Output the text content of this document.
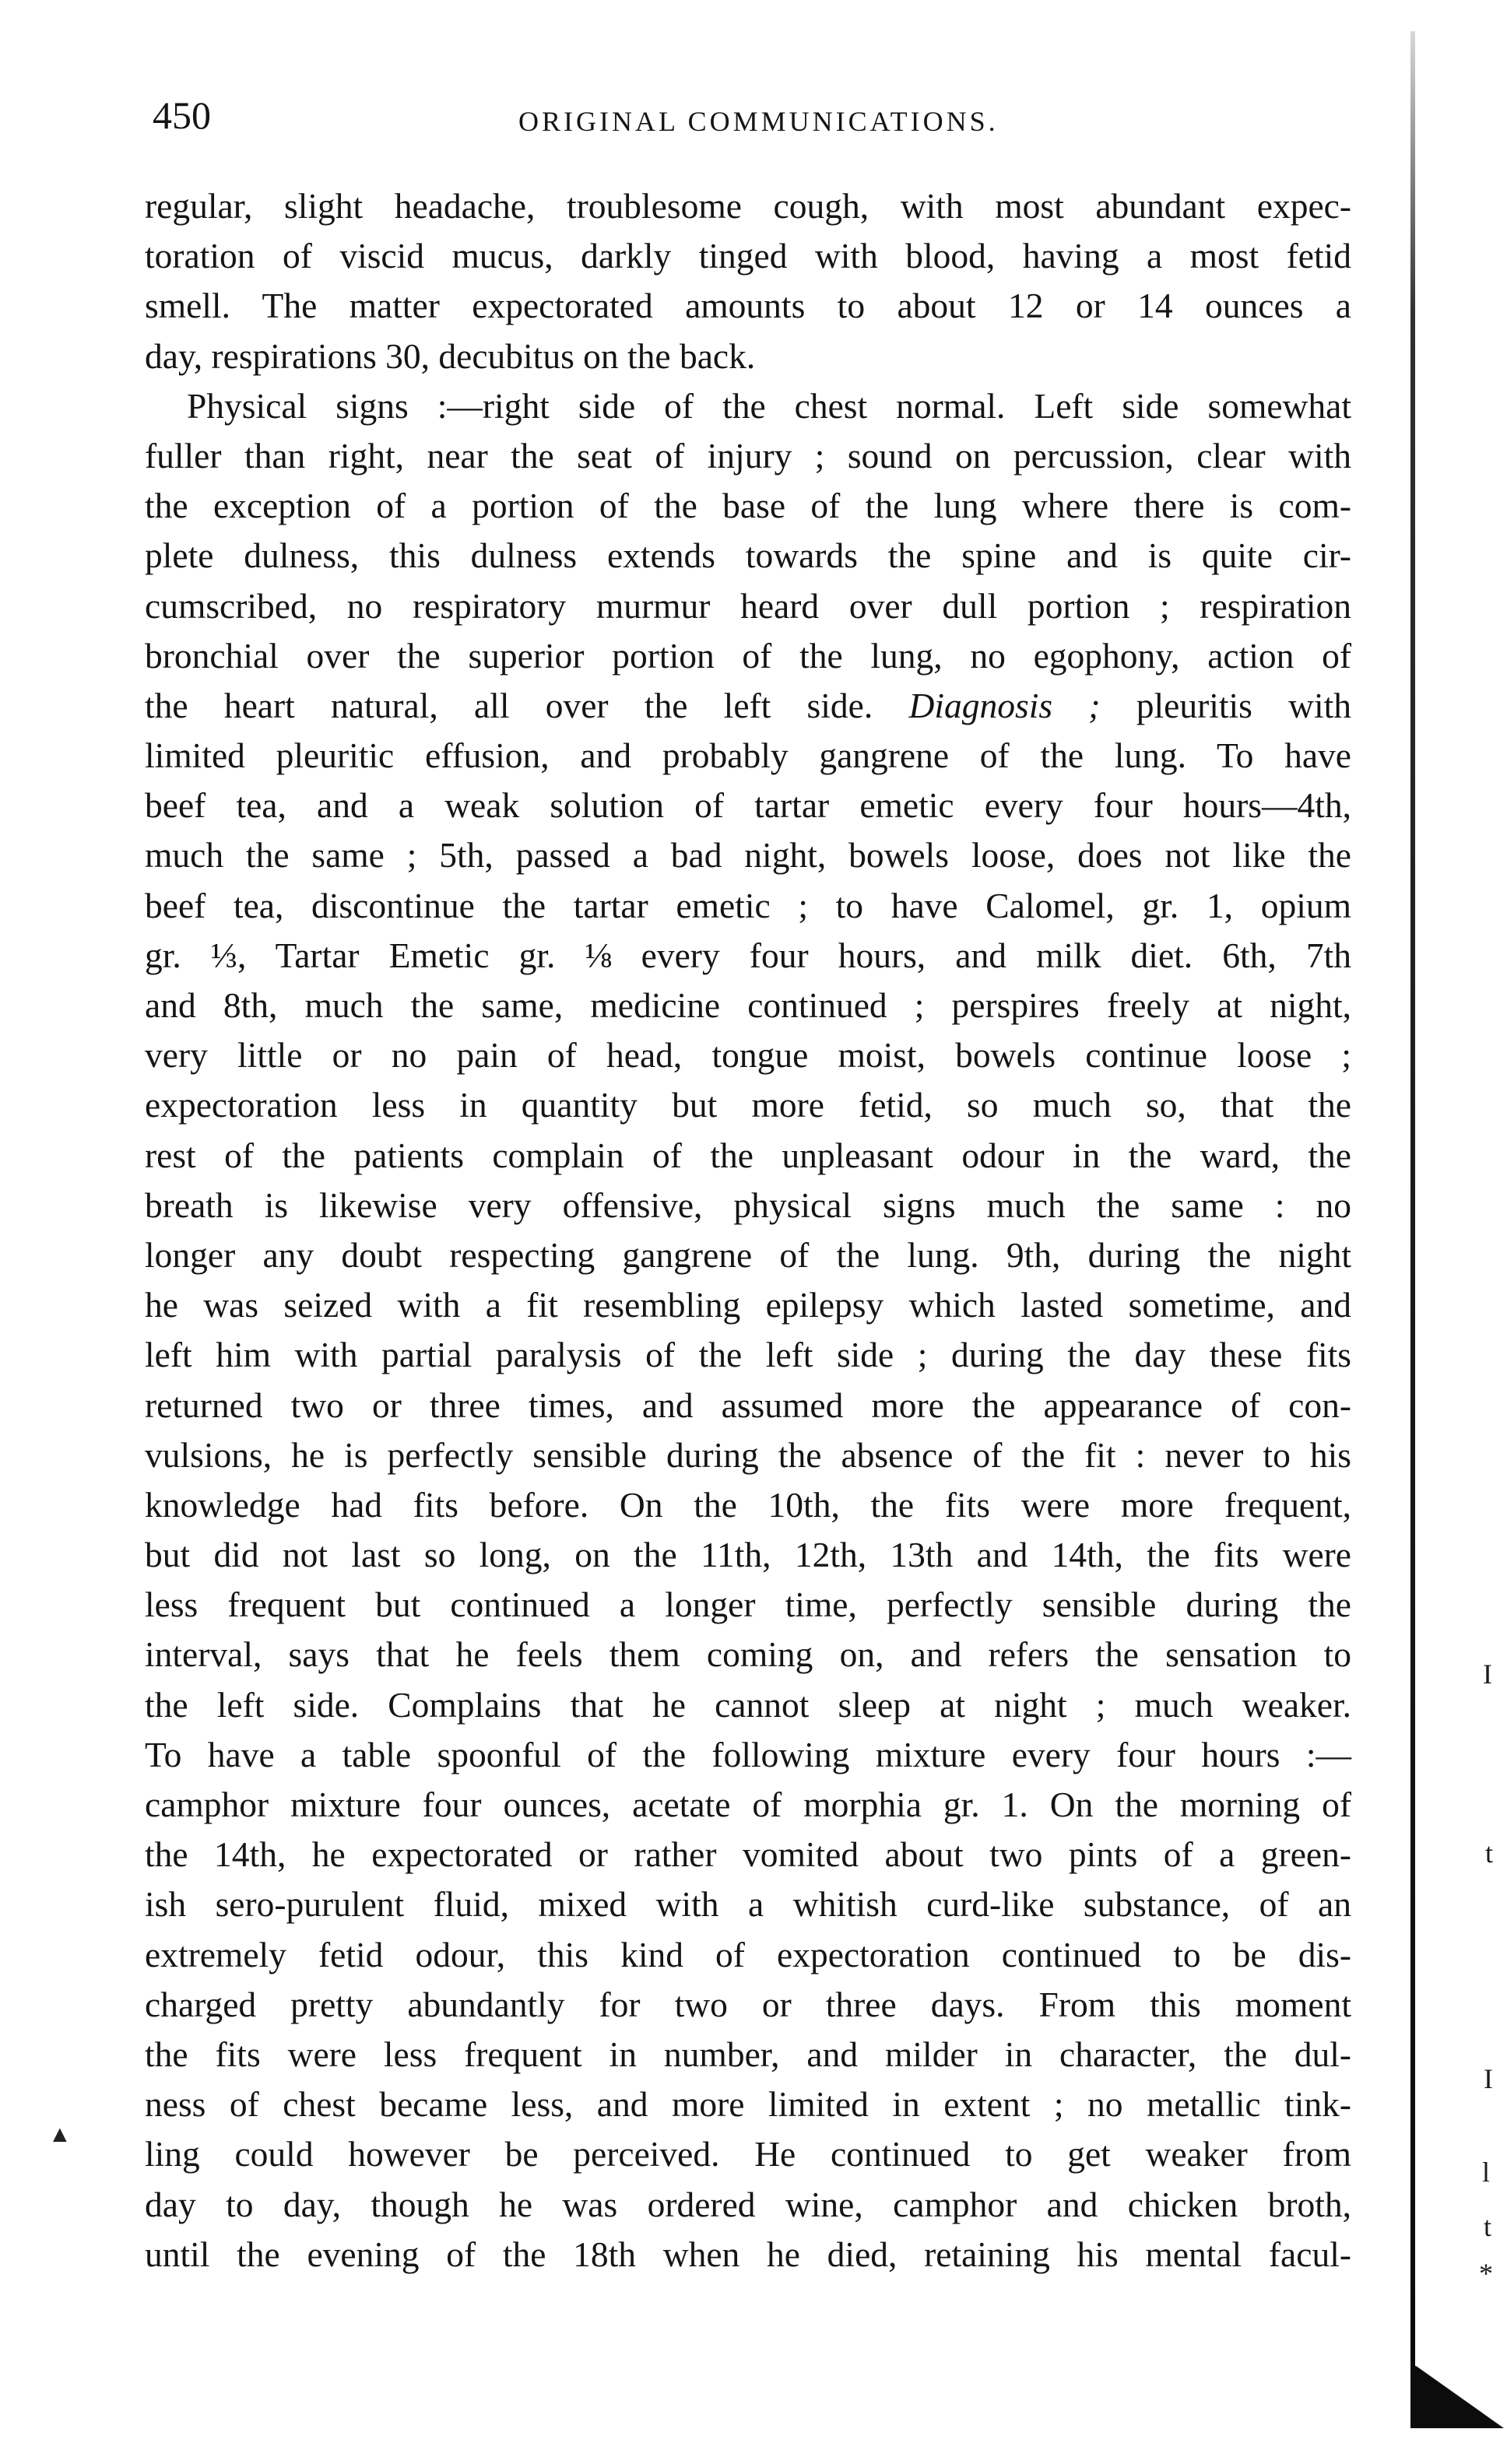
450	ORIGINAL COMMUNICATIONS.
regular, slight headache, troublesome cough, with most abundant expec-
toration of viscid mucus, darkly tinged with blood, having a most fetid
smell. The matter expectorated amounts to about 12 or 14 ounces a
day, respirations 30, decubitus on the back.
Physical signs :—right side of the chest normal. Left side somewhat
fuller than right, near the seat of injury ; sound on percussion, clear with
the exception of a portion of the base of the lung where there is com-
plete dulness, this dulness extends towards the spine and is quite cir-
cumscribed, no respiratory murmur heard over dull portion ; respiration
bronchial over the superior portion of the lung, no egophony, action of
the heart natural, all over the left side. Diagnosis ; pleuritis with
limited pleuritic effusion, and probably gangrene of the lung. To have
beef tea, and a weak solution of tartar emetic every four hours—4th,
much the same ; 5th, passed a bad night, bowels loose, does not like the
beef tea, discontinue the tartar emetic ; to have Calomel, gr. 1, opium
gr. ⅓, Tartar Emetic gr. ⅛ every four hours, and milk diet. 6th, 7th
and 8th, much the same, medicine continued ; perspires freely at night,
very little or no pain of head, tongue moist, bowels continue loose ;
expectoration less in quantity but more fetid, so much so, that the
rest of the patients complain of the unpleasant odour in the ward, the
breath is likewise very offensive, physical signs much the same : no
longer any doubt respecting gangrene of the lung. 9th, during the night
he was seized with a fit resembling epilepsy which lasted sometime, and
left him with partial paralysis of the left side ; during the day these fits
returned two or three times, and assumed more the appearance of con-
vulsions, he is perfectly sensible during the absence of the fit : never to his
knowledge had fits before. On the 10th, the fits were more frequent,
but did not last so long, on the 11th, 12th, 13th and 14th, the fits were
less frequent but continued a longer time, perfectly sensible during the
interval, says that he feels them coming on, and refers the sensation to
the left side. Complains that he cannot sleep at night ; much weaker.
To have a table spoonful of the following mixture every four hours :—
camphor mixture four ounces, acetate of morphia gr. 1. On the morning of
the 14th, he expectorated or rather vomited about two pints of a green-
ish sero-purulent fluid, mixed with a whitish curd-like substance, of an
extremely fetid odour, this kind of expectoration continued to be dis-
charged pretty abundantly for two or three days. From this moment
the fits were less frequent in number, and milder in character, the dul-
ness of chest became less, and more limited in extent ; no metallic tink-
ling could however be perceived. He continued to get weaker from
day to day, though he was ordered wine, camphor and chicken broth,
until the evening of the 18th when he died, retaining his mental facul-
I
t
I
l
t
*
▲
